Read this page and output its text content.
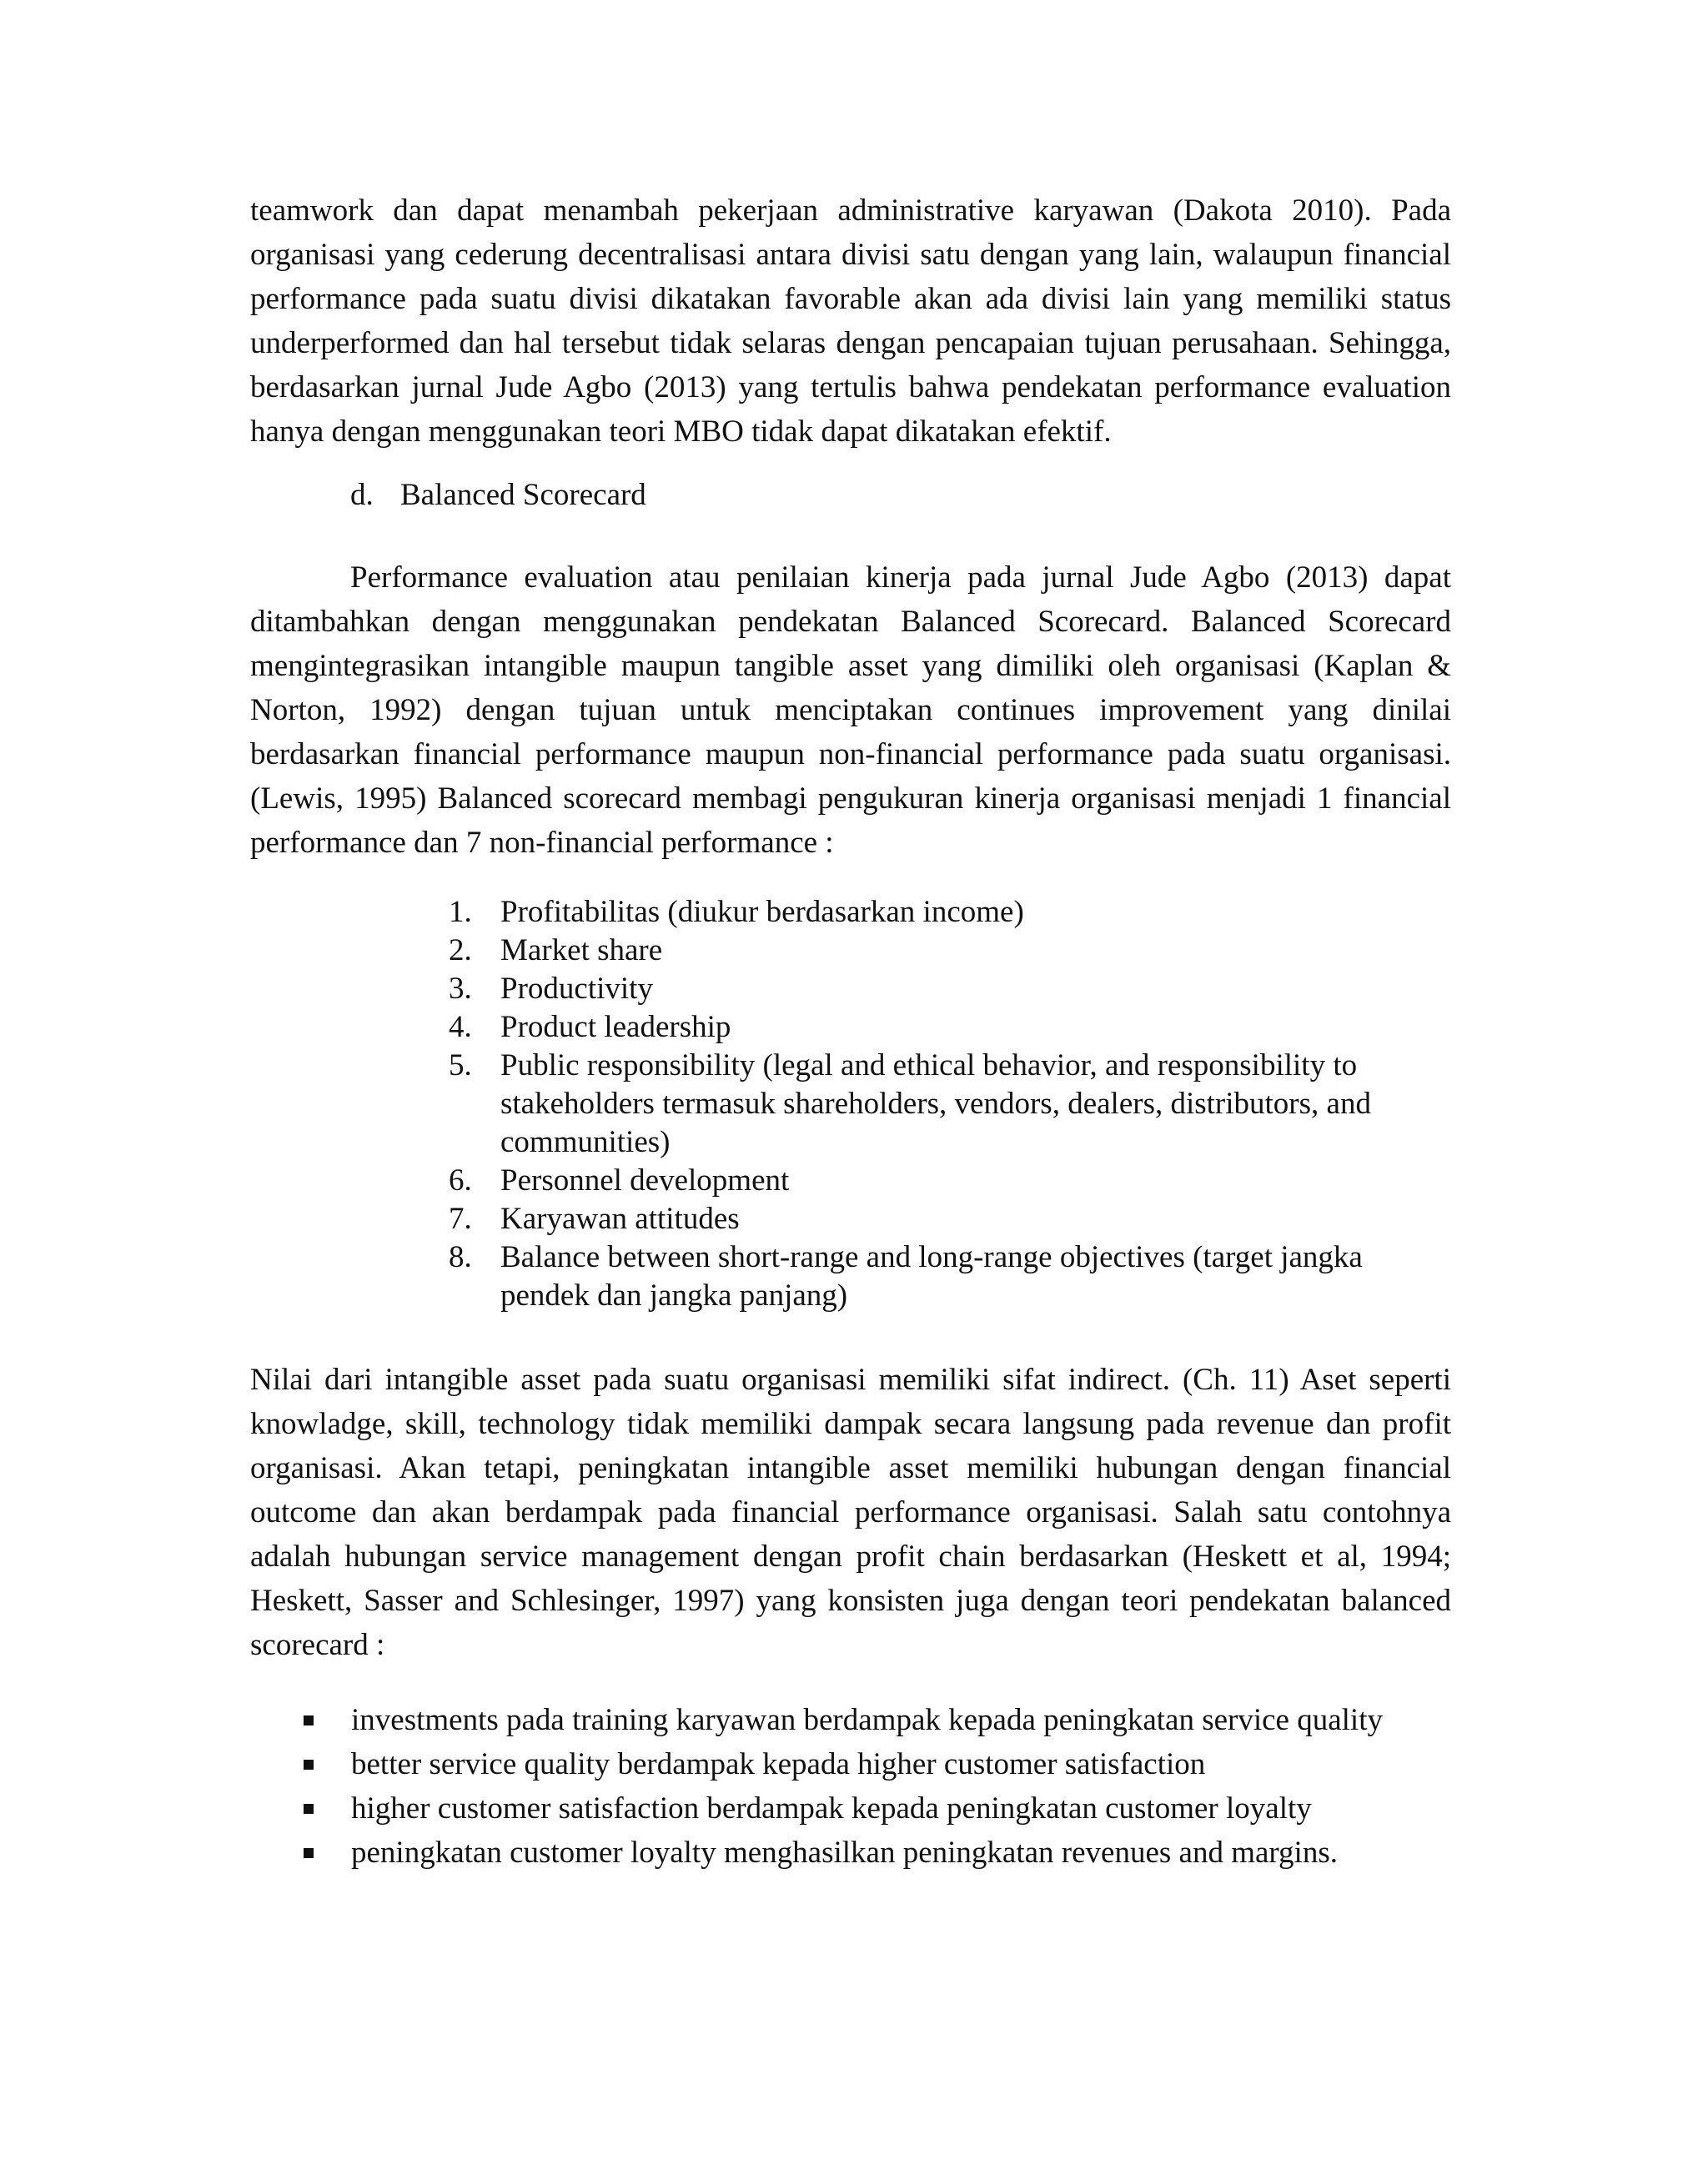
teamwork dan dapat menambah pekerjaan administrative karyawan (Dakota 2010). Pada organisasi yang cederung decentralisasi antara divisi satu dengan yang lain, walaupun financial performance pada suatu divisi dikatakan favorable akan ada divisi lain yang memiliki status underperformed dan hal tersebut tidak selaras dengan pencapaian tujuan perusahaan. Sehingga, berdasarkan jurnal Jude Agbo (2013) yang tertulis bahwa pendekatan performance evaluation hanya dengan menggunakan teori MBO tidak dapat dikatakan efektif.

d. Balanced Scorecard

Performance evaluation atau penilaian kinerja pada jurnal Jude Agbo (2013) dapat ditambahkan dengan menggunakan pendekatan Balanced Scorecard. Balanced Scorecard mengintegrasikan intangible maupun tangible asset yang dimiliki oleh organisasi (Kaplan & Norton, 1992) dengan tujuan untuk menciptakan continues improvement yang dinilai berdasarkan financial performance maupun non-financial performance pada suatu organisasi. (Lewis, 1995) Balanced scorecard membagi pengukuran kinerja organisasi menjadi 1 financial performance dan 7 non-financial performance :

1. Profitabilitas (diukur berdasarkan income)
2. Market share
3. Productivity
4. Product leadership
5. Public responsibility (legal and ethical behavior, and responsibility to stakeholders termasuk shareholders, vendors, dealers, distributors, and communities)
6. Personnel development
7. Karyawan attitudes
8. Balance between short-range and long-range objectives (target jangka pendek dan jangka panjang)

Nilai dari intangible asset pada suatu organisasi memiliki sifat indirect. (Ch. 11) Aset seperti knowladge, skill, technology tidak memiliki dampak secara langsung pada revenue dan profit organisasi. Akan tetapi, peningkatan intangible asset memiliki hubungan dengan financial outcome dan akan berdampak pada financial performance organisasi. Salah satu contohnya adalah hubungan service management dengan profit chain berdasarkan (Heskett et al, 1994; Heskett, Sasser and Schlesinger, 1997) yang konsisten juga dengan teori pendekatan balanced scorecard :

investments pada training karyawan berdampak kepada peningkatan service quality
better service quality berdampak kepada higher customer satisfaction
higher customer satisfaction berdampak kepada peningkatan customer loyalty
peningkatan customer loyalty menghasilkan peningkatan revenues and margins.
